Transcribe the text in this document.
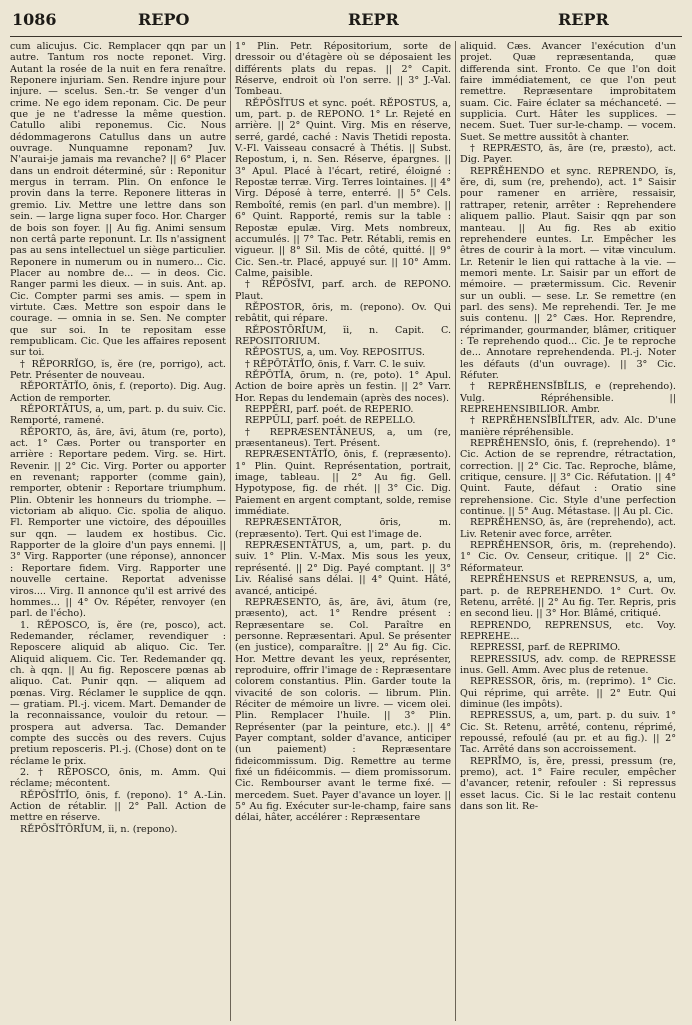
1086	REPO	REPR	REPR

cum alicujus. Cic. Remplacer qqn par un autre. Tantum ros nocte reponet. Virg. Autant la rosée de la nuit en fera renaître. Reponere injuriam. Sen. Rendre injure pour injure. — scelus. Sen.-tr. Se venger d'un crime. Ne ego idem reponam. Cic. De peur que je ne t'adresse la même question. Catullo alibi reponemus. Cic. Nous dédommagerons Catullus dans un autre ouvrage. Nunquamne reponam? Juv. N'aurai-je jamais ma revanche? || 6° Placer dans un endroit déterminé, sûr : Reponitur mergus in terram. Plin. On enfonce le provin dans la terre. Reponere litteras in gremio. Liv. Mettre une lettre dans son sein. — large ligna super foco. Hor. Charger de bois son foyer. || Au fig. Animi sensum non certâ parte reponunt. Lr. Ils n'assignent pas au sens intellectuel un siège particulier. Reponere in numerum ou in numero... Cic. Placer au nombre de... — in deos. Cic. Ranger parmi les dieux. — in suis. Ant. ap. Cic. Compter parmi ses amis. — spem in virtute. Cæs. Mettre son espoir dans le courage. — omnia in se. Sen. Ne compter que sur soi. In te repositam esse rempublicam. Cic. Que les affaires reposent sur toi.

† RĔPORRĬGO, ĭs, ĕre (re, porrigo), act. Petr. Présenter de nouveau.

RĔPORTĀTĬO, ōnis, f. (reporto). Dig. Aug. Action de remporter.

RĔPORTĀTUS, a, um, part. p. du suiv. Cic. Remporté, ramené.

RĔPORTO, ās, āre, āvi, ātum (re, porto), act. 1° Cæs. Porter ou transporter en arrière : Reportare pedem. Virg. se. Hirt. Revenir. || 2° Cic. Virg. Porter ou apporter en revenant; rapporter (comme gain), remporter, obtenir : Reportare triumphum. Plin. Obtenir les honneurs du triomphe. — victoriam ab aliquo. Cic. spolia de aliquo. Fl. Remporter une victoire, des dépouilles sur qqn. — laudem ex hostibus. Cic. Rapporter de la gloire d'un pays ennemi. || 3° Virg. Rapporter (une réponse), annoncer : Reportare fidem. Virg. Rapporter une nouvelle certaine. Reportat advenisse viros.... Virg. Il annonce qu'il est arrivé des hommes... || 4° Ov. Répéter, renvoyer (en parl. de l'écho).

1. RĔPOSCO, ĭs, ĕre (re, posco), act. Redemander, réclamer, revendiquer : Reposcere aliquid ab aliquo. Cic. Ter. Aliquid aliquem. Cic. Ter. Redemander qq. ch. à qqn. || Au fig. Reposcere pœnas ab aliquo. Cat. Punir qqn. — aliquem ad pœnas. Virg. Réclamer le supplice de qqn. — gratiam. Pl.-j. vicem. Mart. Demander de la reconnaissance, vouloir du retour. — prospera aut adversa. Tac. Demander compte des succès ou des revers. Cujus pretium reposceris. Pl.-j. (Chose) dont on te réclame le prix.

2. † RĔPOSCO, ōnis, m. Amm. Qui réclame; mécontent.

RĔPŌSĬTĬO, ōnis, f. (repono). 1° A.-Lin. Action de rétablir. || 2° Pall. Action de mettre en réserve.

RĔPŌSĬTŌRĬUM, ĭi, n. (repono).

1° Plin. Petr. Répositorium, sorte de dressoir ou d'étagère où se déposaient les différents plats du repas. || 2° Capit. Réserve, endroit où l'on serre. || 3° J.-Val. Tombeau.

RĔPŌSĬTUS et sync. poét. RĔPOSTUS, a, um, part. p. de REPONO. 1° Lr. Rejeté en arrière. || 2° Quint. Virg. Mis en réserve, serré, gardé, caché : Navis Thetidi reposta. V.-Fl. Vaisseau consacré à Thétis. || Subst. Repostum, i, n. Sen. Réserve, épargnes. || 3° Apul. Placé à l'écart, retiré, éloigné : Repostæ terræ. Virg. Terres lointaines. || 4° Virg. Déposé à terre, enterré. || 5° Cels. Remboîté, remis (en parl. d'un membre). || 6° Quint. Rapporté, remis sur la table : Repostæ epulæ. Virg. Mets nombreux, accumulés. || 7° Tac. Petr. Rétabli, remis en vigueur. || 8° Sil. Mis de côté, quitté. || 9° Cic. Sen.-tr. Placé, appuyé sur. || 10° Amm. Calme, paisible.

† RĔPŌSĬVI, parf. arch. de REPONO. Plaut.

RĔPOSTOR, ōris, m. (repono). Ov. Qui rebâtit, qui répare.

RĔPOSTŌRĬUM, ĭi, n. Capit. C. REPOSITORIUM.

RĔPOSTUS, a, um. Voy. REPOSITUS.

† RĔPŌTĀTĬO, ōnis, f. Varr. C. le suiv.

RĔPŌTĬA, ōrum, n. (re, poto). 1° Apul. Action de boire après un festin. || 2° Varr. Hor. Repas du lendemain (après des noces).

REPPĔRI, parf. poét. de REPERIO.

REPPŬLI, parf. poét. de REPELLO.

† REPRÆSENTĀNEUS, a, um (re, præsentaneus). Tert. Présent.

REPRÆSENTĀTĬO, ōnis, f. (repræsento). 1° Plin. Quint. Représentation, portrait, image, tableau. || 2° Au fig. Gell. Hypotypose, fig. de rhét. || 3° Cic. Dig. Paiement en argent comptant, solde, remise immédiate.

REPRÆSENTĀTOR, ōris, m. (repræsento). Tert. Qui est l'image de.

REPRÆSENTĀTUS, a, um, part. p. du suiv. 1° Plin. V.-Max. Mis sous les yeux, représenté. || 2° Dig. Payé comptant. || 3° Liv. Réalisé sans délai. || 4° Quint. Hâté, avancé, anticipé.

REPRÆSENTO, ās, āre, āvi, ātum (re, præsento), act. 1° Rendre présent : Repræsentare se. Col. Paraître en personne. Repræsentari. Apul. Se présenter (en justice), comparaître. || 2° Au fig. Cic. Hor. Mettre devant les yeux, représenter, reproduire, offrir l'image de : Repræsentare colorem constantius. Plin. Garder toute la vivacité de son coloris. — librum. Plin. Réciter de mémoire un livre. — vicem olei. Plin. Remplacer l'huile. || 3° Plin. Représenter (par la peinture, etc.). || 4° Payer comptant, solder d'avance, anticiper (un paiement) : Repræsentare fideicommissum. Dig. Remettre au terme fixé un fidéicommis. — diem promissorum. Cic. Rembourser avant le terme fixé. — mercedem. Suet. Payer d'avance un loyer. || 5° Au fig. Exécuter sur-le-champ, faire sans délai, hâter, accélérer : Repræsentare

aliquid. Cæs. Avancer l'exécution d'un projet. Quæ repræsentanda, quæ differenda sint. Fronto. Ce que l'on doit faire immédiatement, ce que l'on peut remettre. Repræsentare improbitatem suam. Cic. Faire éclater sa méchanceté. — supplicia. Curt. Hâter les supplices. — necem. Suet. Tuer sur-le-champ. — vocem. Suet. Se mettre aussitôt à chanter.

† REPRÆSTO, ās, āre (re, præsto), act. Dig. Payer.

REPRĔHENDO et sync. REPRENDO, ĭs, ĕre, di, sum (re, prehendo), act. 1° Saisir pour ramener en arrière, ressaisir, rattraper, retenir, arrêter : Reprehendere aliquem pallio. Plaut. Saisir qqn par son manteau. || Au fig. Res ab exitio reprehendere euntes. Lr. Empêcher les êtres de courir à la mort. — vitæ vinculum. Lr. Retenir le lien qui rattache à la vie. — memori mente. Lr. Saisir par un effort de mémoire. — prætermissum. Cic. Revenir sur un oubli. — sese. Lr. Se remettre (en parl. des sens). Me reprehendi. Ter. Je me suis contenu. || 2° Cæs. Hor. Reprendre, réprimander, gourmander, blâmer, critiquer : Te reprehendo quod... Cic. Je te reproche de... Annotare reprehendenda. Pl.-j. Noter les défauts (d'un ouvrage). || 3° Cic. Réfuter.

† REPRĔHENSĬBĬLIS, e (reprehendo). Vulg. Répréhensible. || REPREHENSIBILIOR. Ambr.

† REPRĔHENSĬBĬLĬTER, adv. Alc. D'une manière répréhensible.

REPRĔHENSĬO, ōnis, f. (reprehendo). 1° Cic. Action de se reprendre, rétractation, correction. || 2° Cic. Tac. Reproche, blâme, critique, censure. || 3° Cic. Réfutation. || 4° Quint. Faute, défaut : Oratio sine reprehensione. Cic. Style d'une perfection continue. || 5° Aug. Métastase. || Au pl. Cic.

REPRĔHENSO, ās, āre (reprehendo), act. Liv. Retenir avec force, arrêter.

REPRĔHENSOR, ōris, m. (reprehendo). 1° Cic. Ov. Censeur, critique. || 2° Cic. Réformateur.

REPRĔHENSUS et REPRENSUS, a, um, part. p. de REPREHENDO. 1° Curt. Ov. Retenu, arrêté. || 2° Au fig. Ter. Repris, pris en second lieu. || 3° Hor. Blâmé, critiqué.

REPRENDO, REPRENSUS, etc. Voy. REPREHE...

REPRESSI, parf. de REPRIMO.

REPRESSIUS, adv. comp. de REPRESSE inus. Gell. Amm. Avec plus de retenue.

REPRESSOR, ōris, m. (reprimo). 1° Cic. Qui réprime, qui arrête. || 2° Eutr. Qui diminue (les impôts).

REPRESSUS, a, um, part. p. du suiv. 1° Cic. St. Retenu, arrêté, contenu, réprimé, repoussé, refoulé (au pr. et au fig.). || 2° Tac. Arrêté dans son accroissement.

REPRĬMO, ĭs, ĕre, pressi, pressum (re, premo), act. 1° Faire reculer, empêcher d'avancer, retenir, refouler : Si repressus esset lacus. Cic. Si le lac restait contenu dans son lit. Re-
